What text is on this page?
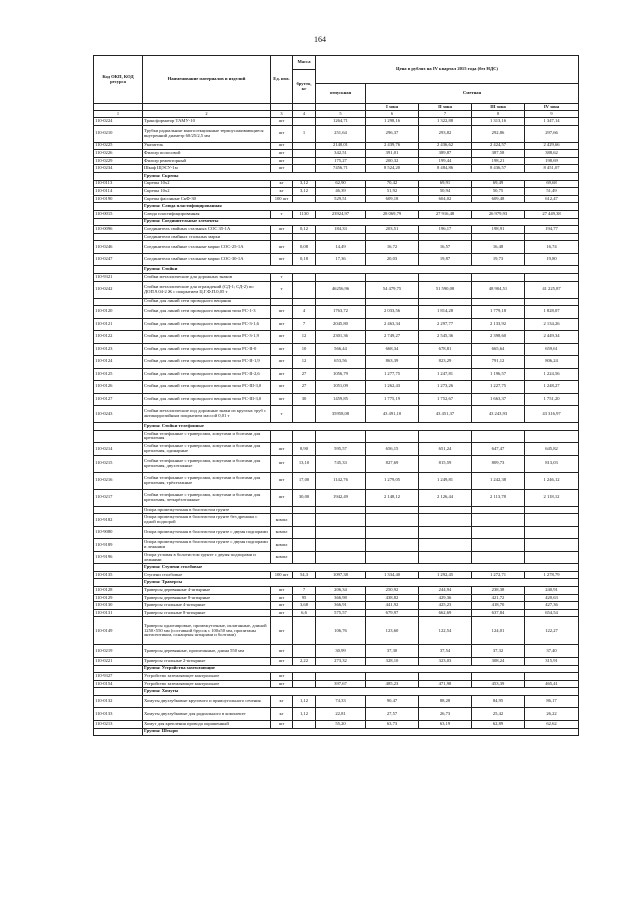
164
Код ОКП, КОД ресурса	Наименование материалов и изделий	Ед. изм.	Масса	Цена в рублях на IV квартал 2015 года (без НДС)				
			брутто, кг					
				отпускная	Сметная			

					I зона	II зона	III зона	IV зона
1	2	3	4	5	6	7	8	9
110-0224	Трансформатор ТАМУ-10	шт		1264,71	1 298,16	1 322,88	1 313,16	1 347,14
110-0210	Трубки радиальные многосекционные термоусаживающиеся внутренний диаметр 60/25/2,5 мм	шт	1	251,64	296,37	293,82	292,86	297,66
110-0225	Указатель	шт		2140,01	2 439,76	2 436,62	2 424,57	2 429,66
110-0226	Фильтр полосовой	шт		342,51	391,01	389,87	387,58	388,62
110-0229	Фильтр режекторный	шт		175,27	200,32	199,44	198,21	198,69
110-0234	Шкаф ЩЭСУ-1м	шт		7456,71	8 524,20	8 484,86	8 436,57	8 451,07
	Группа: Скрепы							
110-0113	Скрепы 10х2	кг	3,12	62,90	70,42	69,91	69,49	69,68
110-0114	Скрепы 10х2	кг	3,12	46,39	51,92	50,94	50,75	51,49
110-0190	Скрепы фасонные СкФ-30	100 шт		529,51	609,18	604,02	609,48	612,47
	Группа: Слюда пластифицированная							
110-0015	Слюда пластифицированная	т	1130	23924,97	28 069,79	27 916,48	26 979,93	27 449,38
	Группа: Соединительные элементы							
110-0096	Соединитель свайных стальных СОС 35-1А	шт	0,12	184,33	203,51	196,17	198,91	194,77
	Соединители свайных стальных марки							
110-0246	Соединители свайные стальные марки СОС-25-1А	шт	0,08	14,49	16,72	16,57	16,48	16,74
110-0247	Соединители свайные стальные марки СОС-30-1А	шт	0,18	17,36	20,03	19,87	19,73	19,80
	Группа: Стойки							
110-9321	Стойки металлические для дорожных знаков	т						
110-0242	Стойки металлические для ограждений (СД-1; СД-2) по ДОП.9.04-2 Ж с покрытием Ц.Г.Ф.П.0,05 т	т		46256,96	54 479,75	51 590,08	48 904,51	41 225,87
	Стойки для линий сети проводного вещания							
110-0120	Стойки для линий сети проводного вещания типа РС-1-3	шт	4	1763,72	2 033,56	1 814,28	1 779,18	1 828,07
110-0121	Стойки для линий сети проводного вещания типа РС-3-1,6	шт	7	2045,80	2 463,34	2 297,77	2 133,92	2 134,26
110-0122	Стойки для линий сети проводного вещания типа РС-3-1,9	шт	12	2301,36	2 749,27	2 545,36	2 398,60	2 449,34
110-0123	Стойки для линий сети проводного вещания типа РС-II-0	шт	10	566,44	668,34	678,81	665,64	659,61
110-0124	Стойки для линий сети проводного вещания типа РС-II-1,9	шт	12	653,56	863,39	823,29	791,12	806,24
110-0125	Стойки для линий сети проводного вещания типа РС-II-2,6	шт	27	1056,79	1 277,75	1 247,81	1 196,57	1 224,56
110-0126	Стойки для линий сети проводного вещания типа РС-III-3,0	шт	27	1051,09	1 262,43	1 273,26	1 227,75	1 248,27
110-0127	Стойки для линий сети проводного вещания типа РС-III-3,0	шт	30	1459,85	1 775,19	1 752,67	1 663,37	1 751,20
110-0243	Стойки металлические под дорожные знаки из круглых труб с антикоррозийным покрытием массой 0,01 т	т		35958,08	43 491,10	43 451,37	43 243,93	43 316,97
	Группа: Стойки телефонные							
	Стойки телефонные с траверсами, хомутами и болтами для крепления							
110-0214	Стойки телефонные с траверсами, хомутами и болтами для крепления, одинарные	шт	8,90	595,57	656,15	651,24	647,47	645,82
110-0215	Стойки телефонные с траверсами, хомутами и болтами для крепления, двухэтажные	шт	13,10	745,33	827,69	815,59	809,73	813,03
110-0216	Стойки телефонные с траверсами, хомутами и болтами для крепления, трёхэтажные	шт	17,00	1142,76	1 279,05	1 249,81	1 242,38	1 246,12
110-0217	Стойки телефонные с траверсами, хомутами и болтами для крепления, четырёхэтажные	шт	30,00	1942,49	2 148,12	2 126,44	2 113,78	2 118,12
	Опора промежуточная в болотистом грунте							
110-9182	Опора промежуточная в болотистом грунте без дренажа с одной подпорой	компл						
110-9080	Опора промежуточная в болотистом грунте с двумя подпорами	компл						
110-9189	Опора промежуточная в болотистом грунте с двумя подпорами и лежнями	компл						
110-9196	Опора угловая в болотистом грунте с двумя подпорами и лежнями	компл						
	Группа: Ступени столбовые							
110-0135	Ступени столбовые	100 шт	54,3	1097,38	1 334,40	1 292,45	1 272,71	1 278,79
	Группа: Траверсы							
110-0128	Траверсы деревянные 4-штырные	шт	7	206,34	250,92	244,94	238,38	240,91
110-0129	Траверсы деревянные 8-штырные	шт	95	366,98	438,82	429,36	421,72	420,63
110-0130	Траверсы стальные 4-штырные	шт	3,68	366,91	441,92	425,23	418,70	427,36
110-0131	Траверсы стальные 8-штырные	шт	6,6	575,57	679,97	662,69	637,84	654,54
110-0149	Траверсы однотавровые, промежуточные, оклатанные, длиной 1250×550 мм (составной брусок с 100х50 мм, пропитаны антисептиком, оснащены штырями и болтами)	шт		106,76	123,60	122,54	124,01	122,27
110-0219	Траверсы деревянные, пропитанные, длина 550 мм	шт		30,99	37,30	37,54	37,32	37,40
110-0221	Траверсы стальные 2-штырные	шт	2,22	273,32	328,10	323,03	308,24	315,91
	Группа: Устройства заземляющие							
110-9327	Устройство заземляющее контрольное	шт						
110-0154	Устройство заземляющее контрольное	шт		397,67	485,23	471,98	453,39	465,41
	Группа: Хомуты							
110-0132	Хомуты двухзубковые кругового и прямоугольного сечения	кг	1,12	74,33	90,47	88,28	84,95	86,17
110-0133	Хомуты двухзубковые для радиального в комплекте	кг	1,12	22,81	27,57	26,73	25,42	26,22
110-0213	Хомут для крепления провода окрашенный	шт		55,20	63,73	63,19	62,89	62,62
	Группа: Штыри							
